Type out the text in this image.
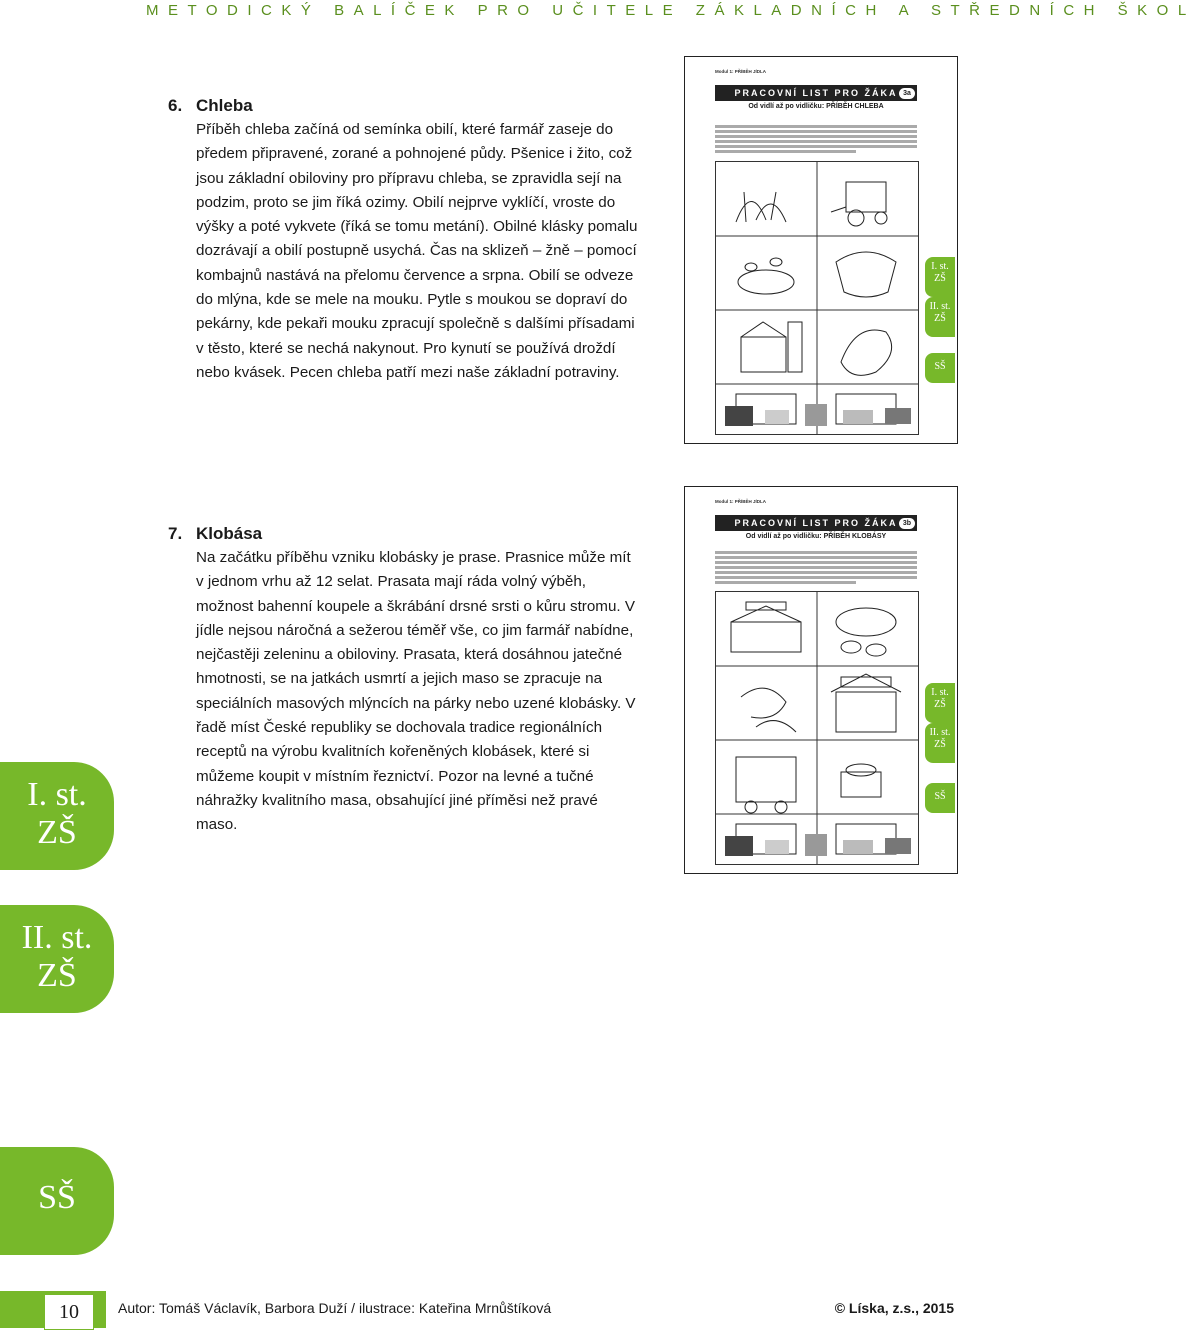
METODICKÝ BALÍČEK PRO UČITELE ZÁKLADNÍCH A STŘEDNÍCH ŠKOL

6. Chleba

Příběh chleba začíná od semínka obilí, které farmář zaseje do předem připravené, zorané a pohnojené půdy. Pšenice i žito, což jsou základní obiloviny pro přípravu chleba, se zpravidla sejí na podzim, proto se jim říká ozimy. Obilí nejprve vyklíčí, vroste do výšky a poté vykvete (říká se tomu metání). Obilné klásky pomalu dozrávají a obilí postupně usychá. Čas na sklizeň – žně – pomocí kombajnů nastává na přelomu července a srpna. Obilí se odveze do mlýna, kde se mele na mouku. Pytle s moukou se dopraví do pekárny, kde pekaři mouku zpracují společně s dalšími přísadami v těsto, které se nechá nakynout. Pro kynutí se používá droždí nebo kvásek. Pecen chleba patří mezi naše základní potraviny.

Modul 1: PŘÍBĚH JÍDLA
PRACOVNÍ LIST PRO ŽÁKA 3a
Od vidlí až po vidličku: PŘÍBĚH CHLEBA
I. st. ZŠ
II. st. ZŠ
SŠ

7. Klobása

Na začátku příběhu vzniku klobásky je prase. Prasnice může mít v jednom vrhu až 12 selat. Prasata mají ráda volný výběh, možnost bahenní koupele a škrábání drsné srsti o kůru stromu. V jídle nejsou náročná a sežerou téměř vše, co jim farmář nabídne, nejčastěji zeleninu a obiloviny. Prasata, která dosáhnou jatečné hmotnosti, se na jatkách usmrtí a jejich maso se zpracuje na speciálních masových mlýncích na párky nebo uzené klobásky. V řadě míst České republiky se dochovala tradice regionálních receptů na výrobu kvalitních kořeněných klobásek, které si můžeme koupit v místním řeznictví. Pozor na levné a tučné náhražky kvalitního masa, obsahující jiné příměsi než pravé maso.

Modul 1: PŘÍBĚH JÍDLA
PRACOVNÍ LIST PRO ŽÁKA 3b
Od vidlí až po vidličku: PŘÍBĚH KLOBÁSY
I. st. ZŠ
II. st. ZŠ
SŠ
I. st.
ZŠ
II. st.
ZŠ
SŠ
10	Autor: Tomáš Václavík, Barbora Duží / ilustrace: Kateřina Mrnůštíková	© Líska, z.s., 2015
